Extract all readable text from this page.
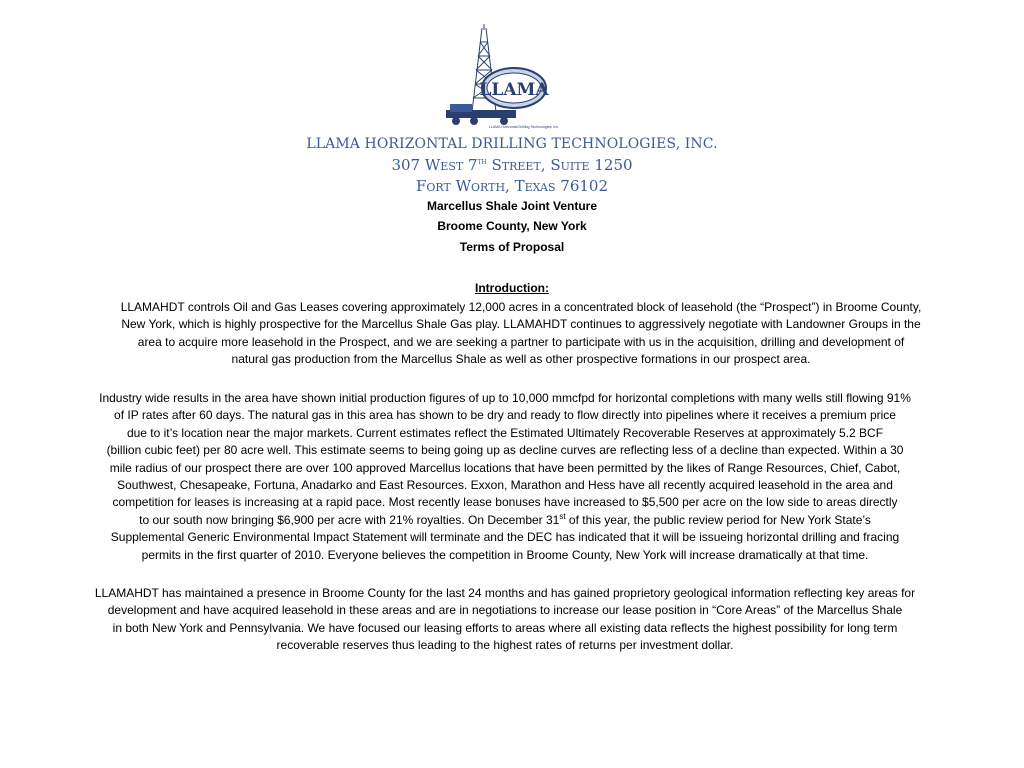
LLAMA
LLAMA Horizontal Drilling Technologies, Inc.
LLAMA HORIZONTAL DRILLING TECHNOLOGIES, INC.
307 West 7th Street, Suite 1250
Fort Worth, Texas 76102
Marcellus Shale Joint Venture
Broome County, New York
Terms of Proposal
Introduction:
LLAMAHDT controls Oil and Gas Leases covering approximately 12,000 acres in a concentrated block of leasehold (the “Prospect”) in Broome County,
New York, which is highly prospective for the Marcellus Shale Gas play. LLAMAHDT continues to aggressively negotiate with Landowner Groups in the
area to acquire more leasehold in the Prospect, and we are seeking a partner to participate with us in the acquisition, drilling and development of
natural gas production from the Marcellus Shale as well as other prospective formations in our prospect area.
Industry wide results in the area have shown initial production figures of up to 10,000 mmcfpd for horizontal completions with many wells still flowing 91%
of IP rates after 60 days. The natural gas in this area has shown to be dry and ready to flow directly into pipelines where it receives a premium price
due to it’s location near the major markets. Current estimates reflect the Estimated Ultimately Recoverable Reserves at approximately 5.2 BCF
(billion cubic feet) per 80 acre well. This estimate seems to being going up as decline curves are reflecting less of a decline than expected. Within a 30
mile radius of our prospect there are over 100 approved Marcellus locations that have been permitted by the likes of Range Resources, Chief, Cabot,
Southwest, Chesapeake, Fortuna, Anadarko and East Resources. Exxon, Marathon and Hess have all recently acquired leasehold in the area and
competition for leases is increasing at a rapid pace. Most recently lease bonuses have increased to $5,500 per acre on the low side to areas directly
to our south now bringing $6,900 per acre with 21% royalties. On December 31st of this year, the public review period for New York State’s
Supplemental Generic Environmental Impact Statement will terminate and the DEC has indicated that it will be issueing horizontal drilling and fracing
permits in the first quarter of 2010. Everyone believes the competition in Broome County, New York will increase dramatically at that time.
LLAMAHDT has maintained a presence in Broome County for the last 24 months and has gained proprietory geological information reflecting key areas for
development and have acquired leasehold in these areas and are in negotiations to increase our lease position in “Core Areas” of the Marcellus Shale
in both New York and Pennsylvania. We have focused our leasing efforts to areas where all existing data reflects the highest possibility for long term
recoverable reserves thus leading to the highest rates of returns per investment dollar.
